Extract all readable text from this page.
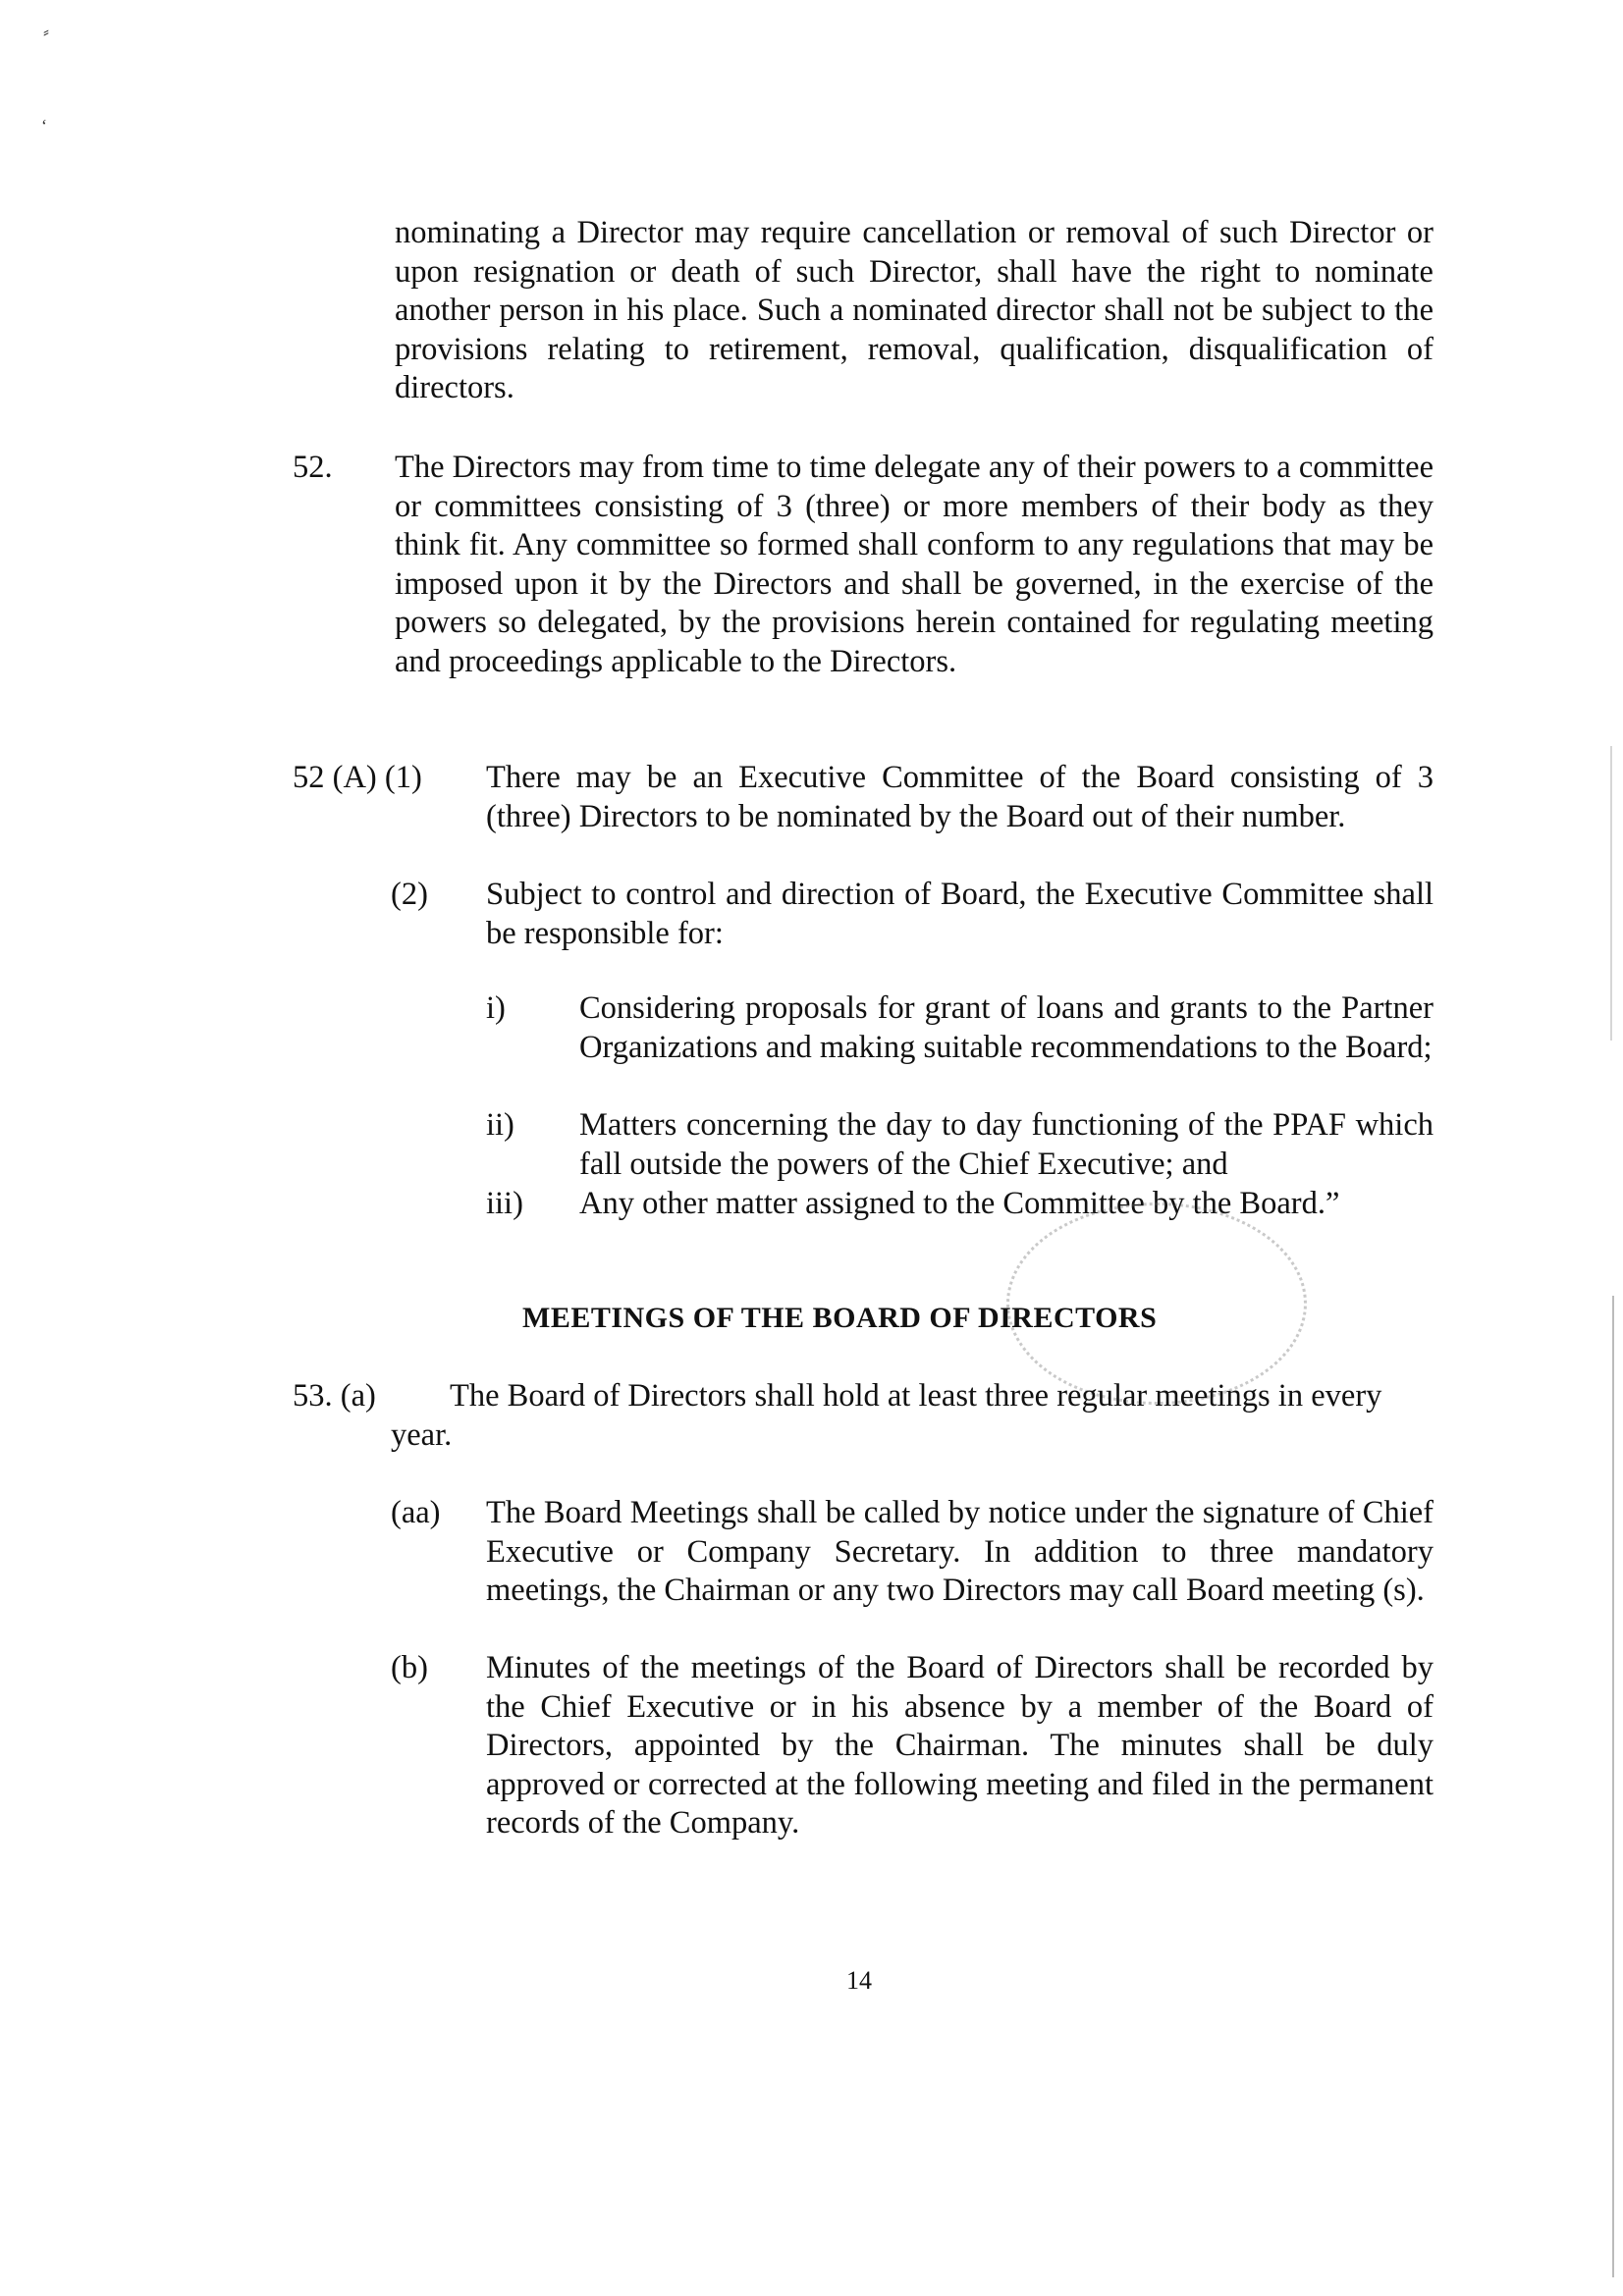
⸗
‘

nominating a Director may require cancellation or removal of such Director or upon resignation or death of such Director, shall have the right to nominate another person in his place. Such a nominated director shall not be subject to the provisions relating to retirement, removal, qualification, disqualification of directors.

52. The Directors may from time to time delegate any of their powers to a committee or committees consisting of 3 (three) or more members of their body as they think fit. Any committee so formed shall conform to any regulations that may be imposed upon it by the Directors and shall be governed, in the exercise of the powers so delegated, by the provisions herein contained for regulating meeting and proceedings applicable to the Directors.

52 (A) (1) There may be an Executive Committee of the Board consisting of 3 (three) Directors to be nominated by the Board out of their number.

(2) Subject to control and direction of Board, the Executive Committee shall be responsible for:

i) Considering proposals for grant of loans and grants to the Partner Organizations and making suitable recommendations to the Board;

ii) Matters concerning the day to day functioning of the PPAF which fall outside the powers of the Chief Executive; and

iii) Any other matter assigned to the Committee by the Board.”

MEETINGS OF THE BOARD OF DIRECTORS
53. (a) The Board of Directors shall hold at least three regular meetings in every
year.
(aa) The Board Meetings shall be called by notice under the signature of Chief Executive or Company Secretary. In addition to three mandatory meetings, the Chairman or any two Directors may call Board meeting (s).

(b) Minutes of the meetings of the Board of Directors shall be recorded by the Chief Executive or in his absence by a member of the Board of Directors, appointed by the Chairman. The minutes shall be duly approved or corrected at the following meeting and filed in the permanent records of the Company.

14
